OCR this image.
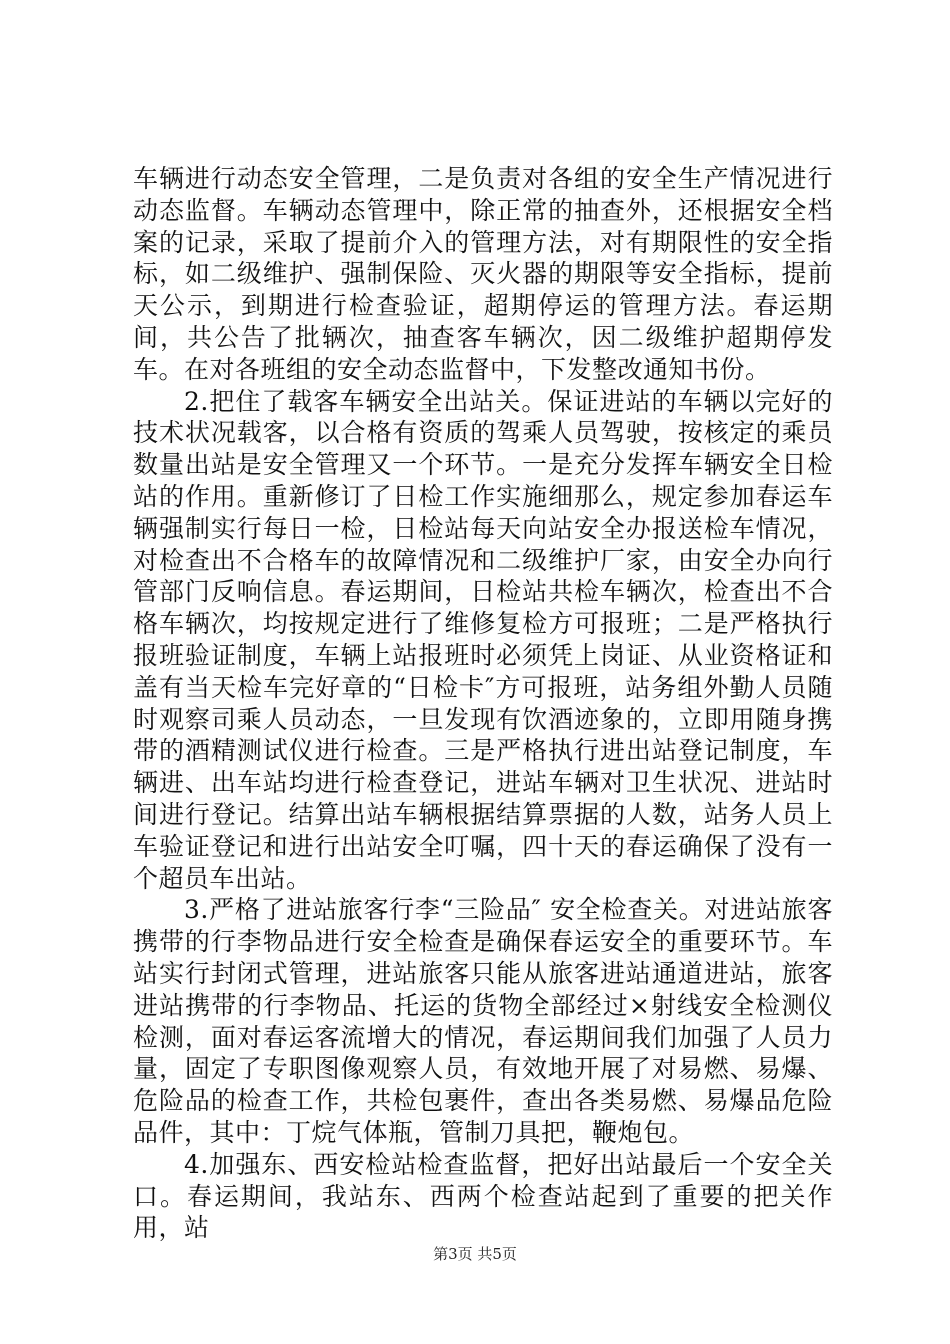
车辆进行动态安全管理，二是负责对各组的安全生产情况进行动态监督。车辆动态管理中，除正常的抽查外，还根据安全档案的记录，采取了提前介入的管理方法，对有期限性的安全指标，如二级维护、强制保险、灭火器的期限等安全指标，提前天公示，到期进行检查验证，超期停运的管理方法。春运期间，共公告了批辆次，抽查客车辆次，因二级维护超期停发车。在对各班组的安全动态监督中，下发整改通知书份。

2.把住了载客车辆安全出站关。保证进站的车辆以完好的技术状况载客，以合格有资质的驾乘人员驾驶，按核定的乘员数量出站是安全管理又一个环节。一是充分发挥车辆安全日检站的作用。重新修订了日检工作实施细那么，规定参加春运车辆强制实行每日一检，日检站每天向站安全办报送检车情况，对检查出不合格车的故障情况和二级维护厂家，由安全办向行管部门反响信息。春运期间，日检站共检车辆次，检查出不合格车辆次，均按规定进行了维修复检方可报班；二是严格执行报班验证制度，车辆上站报班时必须凭上岗证、从业资格证和盖有当天检车完好章的“日检卡″方可报班，站务组外勤人员随时观察司乘人员动态，一旦发现有饮酒迹象的，立即用随身携带的酒精测试仪进行检查。三是严格执行进出站登记制度，车辆进、出车站均进行检查登记，进站车辆对卫生状况、进站时间进行登记。结算出站车辆根据结算票据的人数，站务人员上车验证登记和进行出站安全叮嘱，四十天的春运确保了没有一个超员车出站。

3.严格了进站旅客行李“三险品″ 安全检查关。对进站旅客携带的行李物品进行安全检查是确保春运安全的重要环节。车站实行封闭式管理，进站旅客只能从旅客进站通道进站，旅客进站携带的行李物品、托运的货物全部经过×射线安全检测仪检测，面对春运客流增大的情况，春运期间我们加强了人员力量，固定了专职图像观察人员，有效地开展了对易燃、易爆、危险品的检查工作，共检包裹件，查出各类易燃、易爆品危险品件，其中：丁烷气体瓶，管制刀具把，鞭炮包。

4.加强东、西安检站检查监督，把好出站最后一个安全关口。春运期间，我站东、西两个检查站起到了重要的把关作用，站

第3页 共5页
